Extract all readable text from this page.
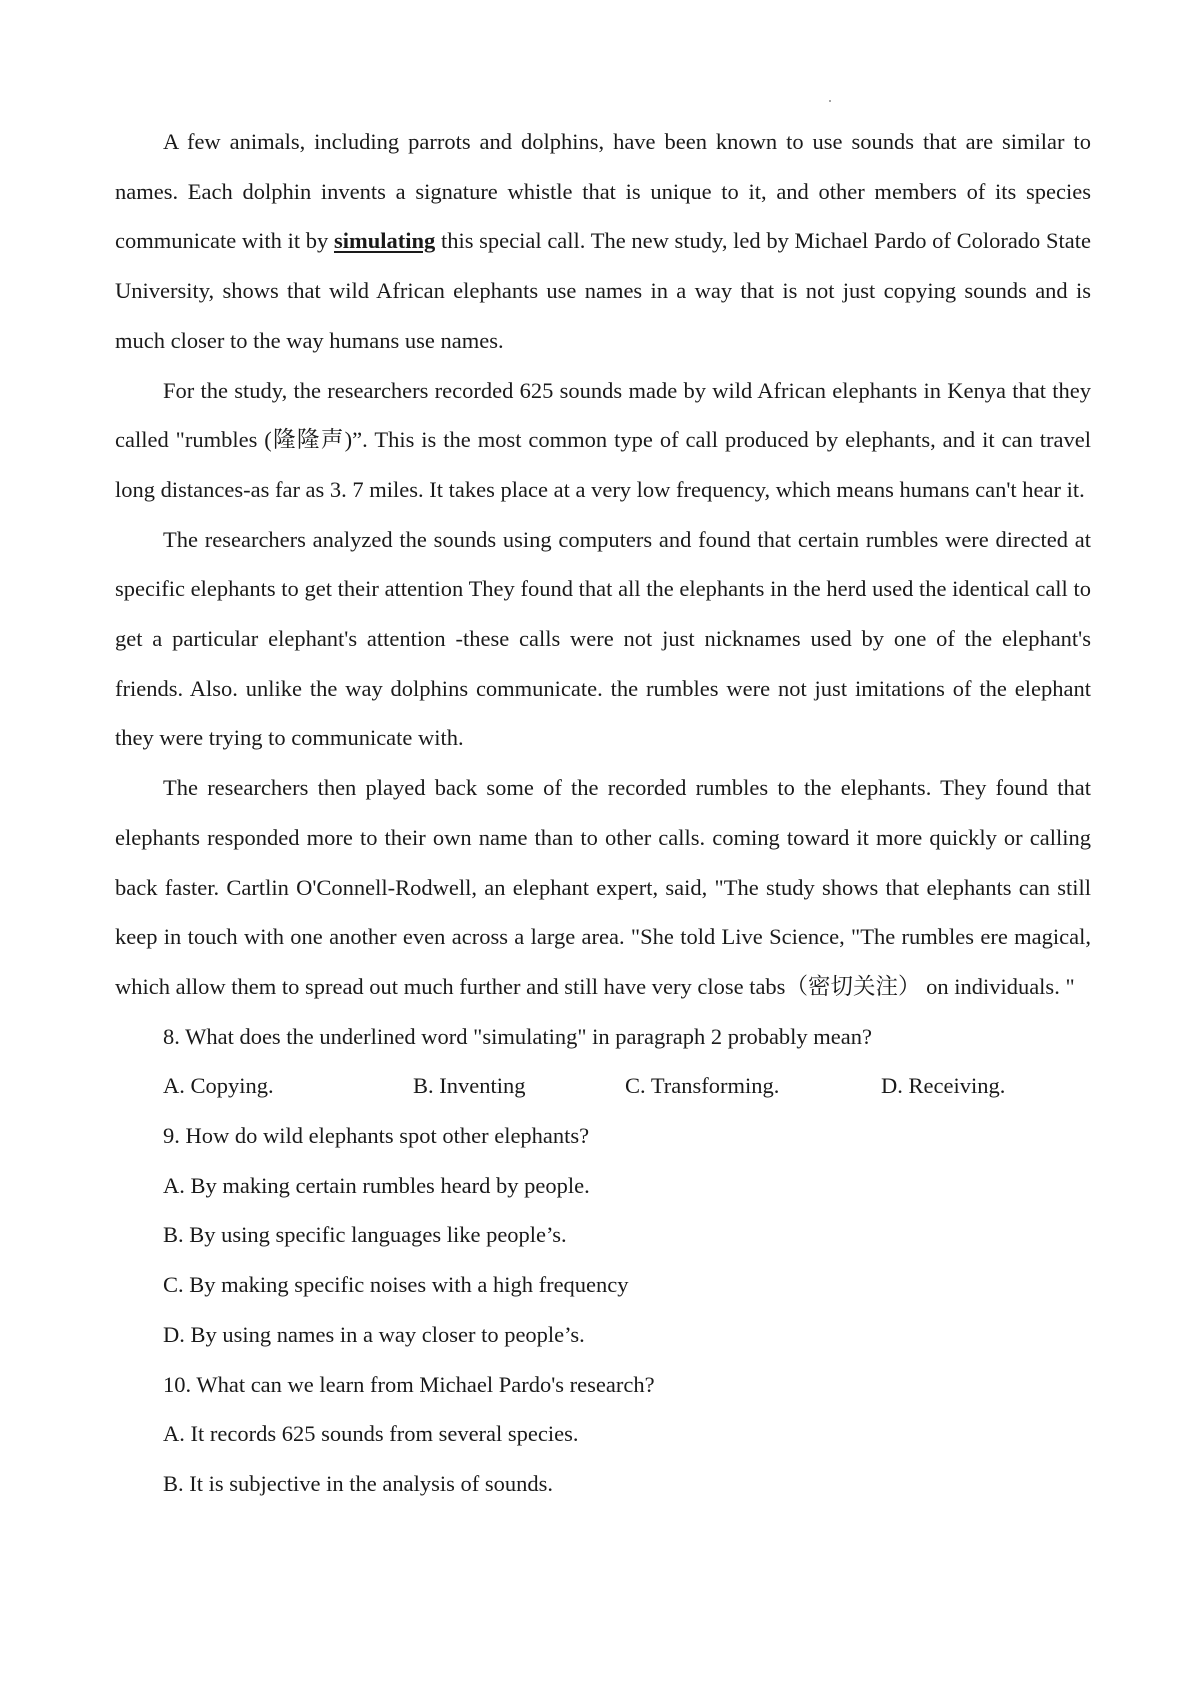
A few animals, including parrots and dolphins, have been known to use sounds that are similar to names. Each dolphin invents a signature whistle that is unique to it, and other members of its species communicate with it by simulating this special call. The new study, led by Michael Pardo of Colorado State University, shows that wild African elephants use names in a way that is not just copying sounds and is much closer to the way humans use names.

For the study, the researchers recorded 625 sounds made by wild African elephants in Kenya that they called "rumbles (隆隆声)”. This is the most common type of call produced by elephants, and it can travel long distances-as far as 3. 7 miles. It takes place at a very low frequency, which means humans can't hear it.

The researchers analyzed the sounds using computers and found that certain rumbles were directed at specific elephants to get their attention They found that all the elephants in the herd used the identical call to get a particular elephant's attention -these calls were not just nicknames used by one of the elephant's friends. Also. unlike the way dolphins communicate. the rumbles were not just imitations of the elephant they were trying to communicate with.

The researchers then played back some of the recorded rumbles to the elephants. They found that elephants responded more to their own name than to other calls. coming toward it more quickly or calling back faster. Cartlin O'Connell-Rodwell, an elephant expert, said, "The study shows that elephants can still keep in touch with one another even across a large area. "She told Live Science, "The rumbles ere magical, which allow them to spread out much further and still have very close tabs（密切关注） on individuals. "

8. What does the underlined word "simulating" in paragraph 2 probably mean?

A. Copying.	B. Inventing	C. Transforming.	D. Receiving.

9. How do wild elephants spot other elephants?

A. By making certain rumbles heard by people.

B. By using specific languages like people’s.

C. By making specific noises with a high frequency

D. By using names in a way closer to people’s.

10. What can we learn from Michael Pardo's research?

A. It records 625 sounds from several species.

B. It is subjective in the analysis of sounds.
